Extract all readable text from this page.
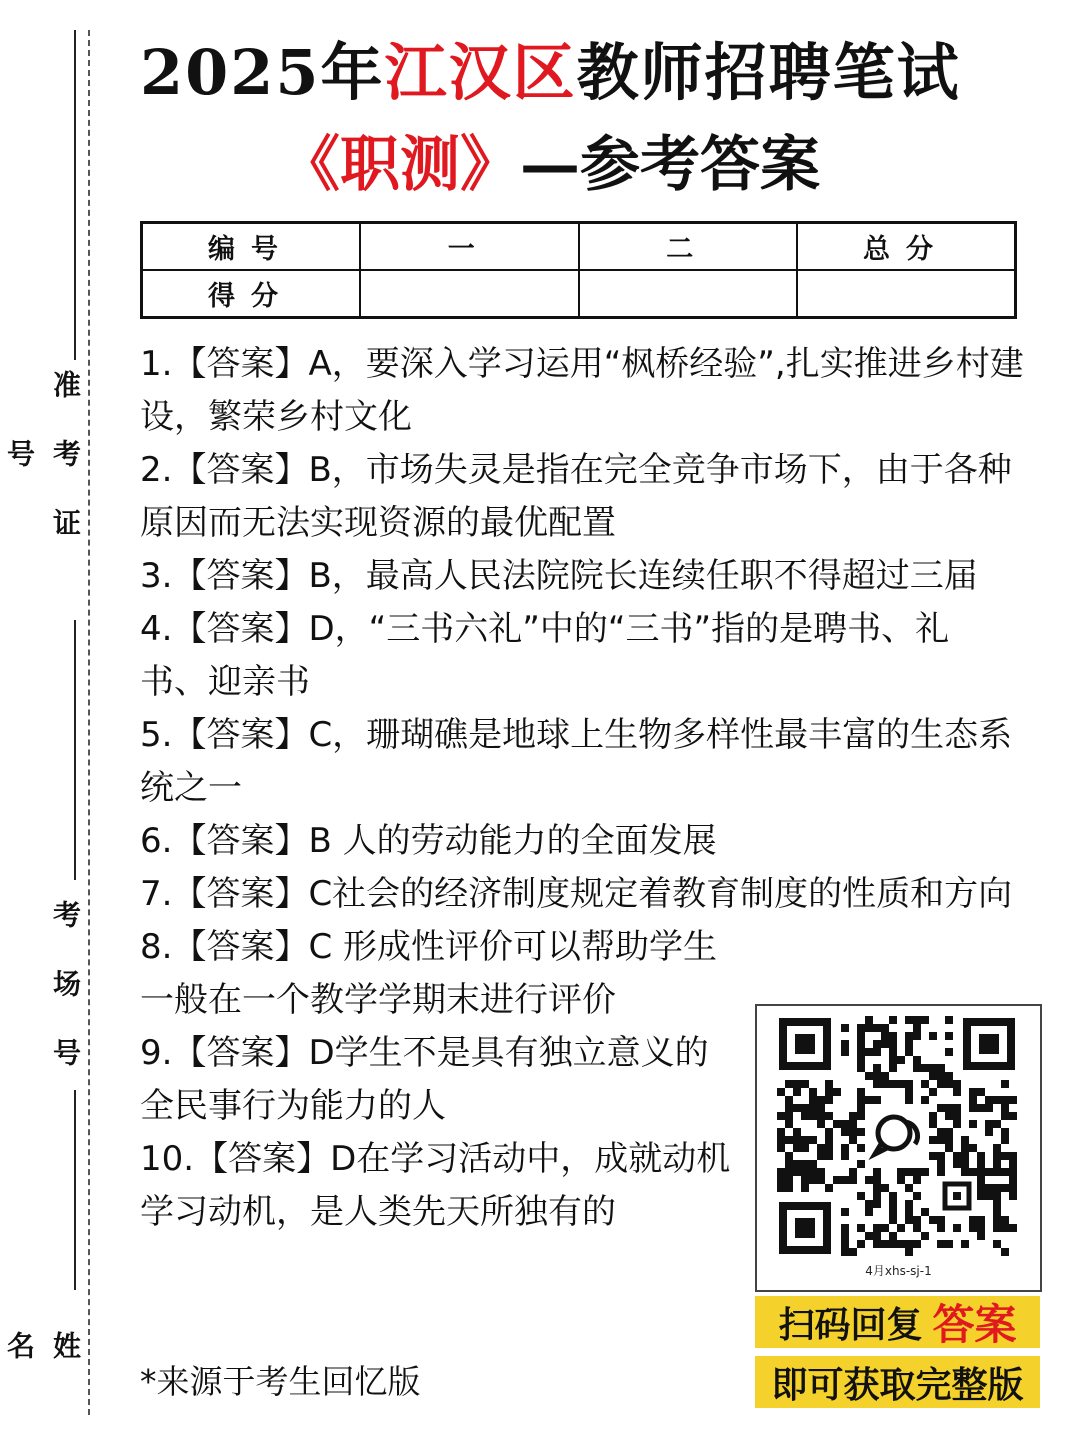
准 考 证 号
考 场 号
姓 名
2025年江汉区教师招聘笔试
《职测》—参考答案
编号	一	二	总分
得分			
1.【答案】A，要深入学习运用“枫桥经验”,扎实推进乡村建设，繁荣乡村文化
2.【答案】B，市场失灵是指在完全竞争市场下，由于各种原因而无法实现资源的最优配置
3.【答案】B，最高人民法院院长连续任职不得超过三届
4.【答案】D，“三书六礼”中的“三书”指的是聘书、礼书、迎亲书
5.【答案】C，珊瑚礁是地球上生物多样性最丰富的生态系统之一
6.【答案】B 人的劳动能力的全面发展
7.【答案】C社会的经济制度规定着教育制度的性质和方向
8.【答案】C 形成性评价可以帮助学生
一般在一个教学学期末进行评价
9.【答案】D学生不是具有独立意义的
全民事行为能力的人
10.【答案】D在学习活动中，成就动机
学习动机，是人类先天所独有的
*来源于考生回忆版
4月xhs-sj-1
扫码回复 答案
即可获取完整版
